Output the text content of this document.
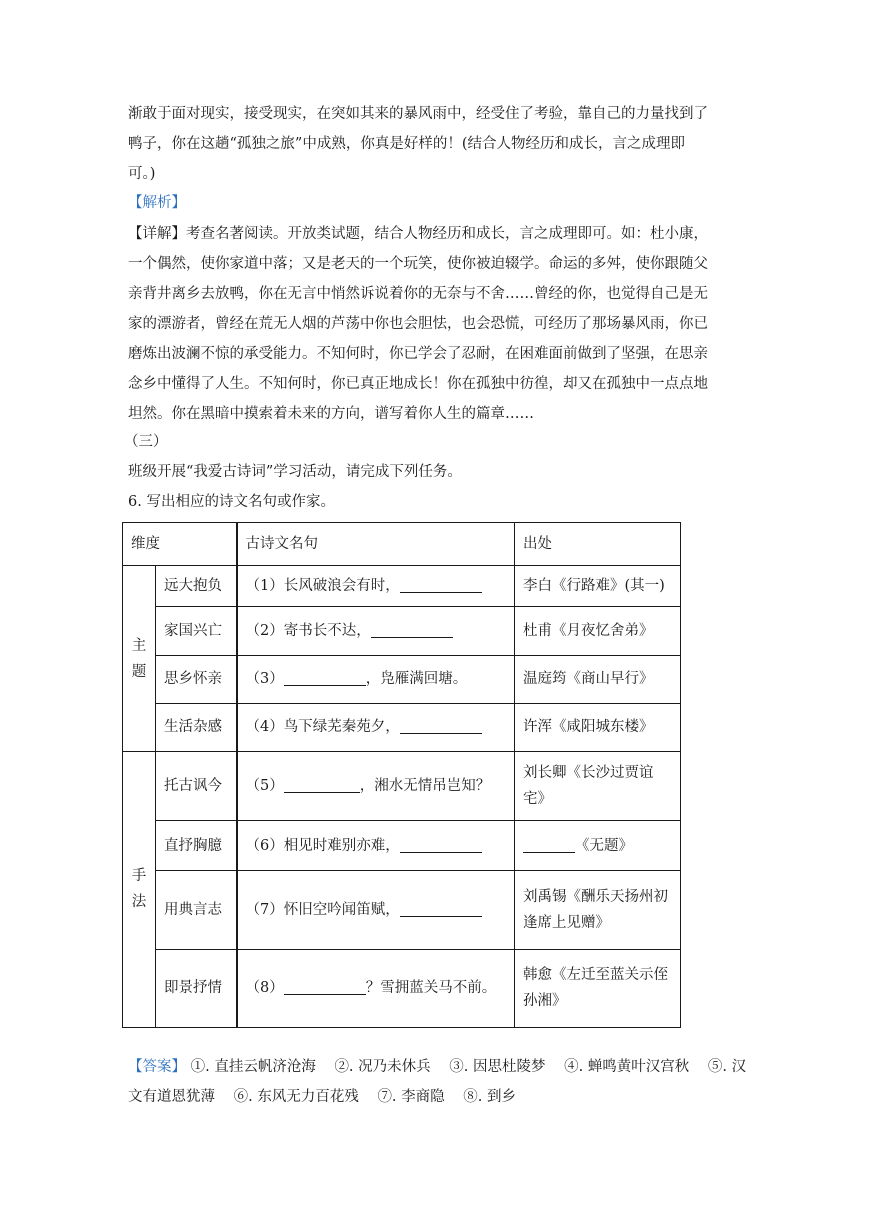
渐敢于面对现实，接受现实，在突如其来的暴风雨中，经受住了考验，靠自己的力量找到了
鸭子，你在这趟“孤独之旅”中成熟，你真是好样的！(结合人物经历和成长，言之成理即
可。)

【解析】

【详解】考查名著阅读。开放类试题，结合人物经历和成长，言之成理即可。如：杜小康，
一个偶然，使你家道中落；又是老天的一个玩笑，使你被迫辍学。命运的多舛，使你跟随父
亲背井离乡去放鸭，你在无言中悄然诉说着你的无奈与不舍……曾经的你，也觉得自己是无
家的漂游者，曾经在荒无人烟的芦荡中你也会胆怯，也会恐慌，可经历了那场暴风雨，你已
磨炼出波澜不惊的承受能力。不知何时，你已学会了忍耐，在困难面前做到了坚强，在思亲
念乡中懂得了人生。不知何时，你已真正地成长！你在孤独中彷徨，却又在孤独中一点点地
坦然。你在黑暗中摸索着未来的方向，谱写着你人生的篇章……

（三）
班级开展“我爱古诗词”学习活动，请完成下列任务。
6. 写出相应的诗文名句或作家。
维度		古诗文名句	出处
主题	远大抱负	（1）长风破浪会有时，	李白《行路难》(其一)
	家国兴亡	（2）寄书长不达，	杜甫《月夜忆舍弟》
	思乡怀亲	（3） ，凫雁满回塘。	温庭筠《商山早行》
	生活杂感	（4）鸟下绿芜秦苑夕，	许浑《咸阳城东楼》
手法	托古讽今	（5） ，湘水无情吊岂知？	刘长卿《长沙过贾谊宅》
	直抒胸臆	（6）相见时难别亦难，	《无题》
	用典言志	（7）怀旧空吟闻笛赋，	刘禹锡《酬乐天扬州初逢席上见赠》
	即景抒情	（8） ？雪拥蓝关马不前。	韩愈《左迁至蓝关示侄孙湘》

【答案】 ①. 直挂云帆济沧海 ②. 况乃未休兵 ③. 因思杜陵梦 ④. 蝉鸣黄叶汉宫秋 ⑤. 汉文有道恩犹薄 ⑥. 东风无力百花残 ⑦. 李商隐 ⑧. 到乡
